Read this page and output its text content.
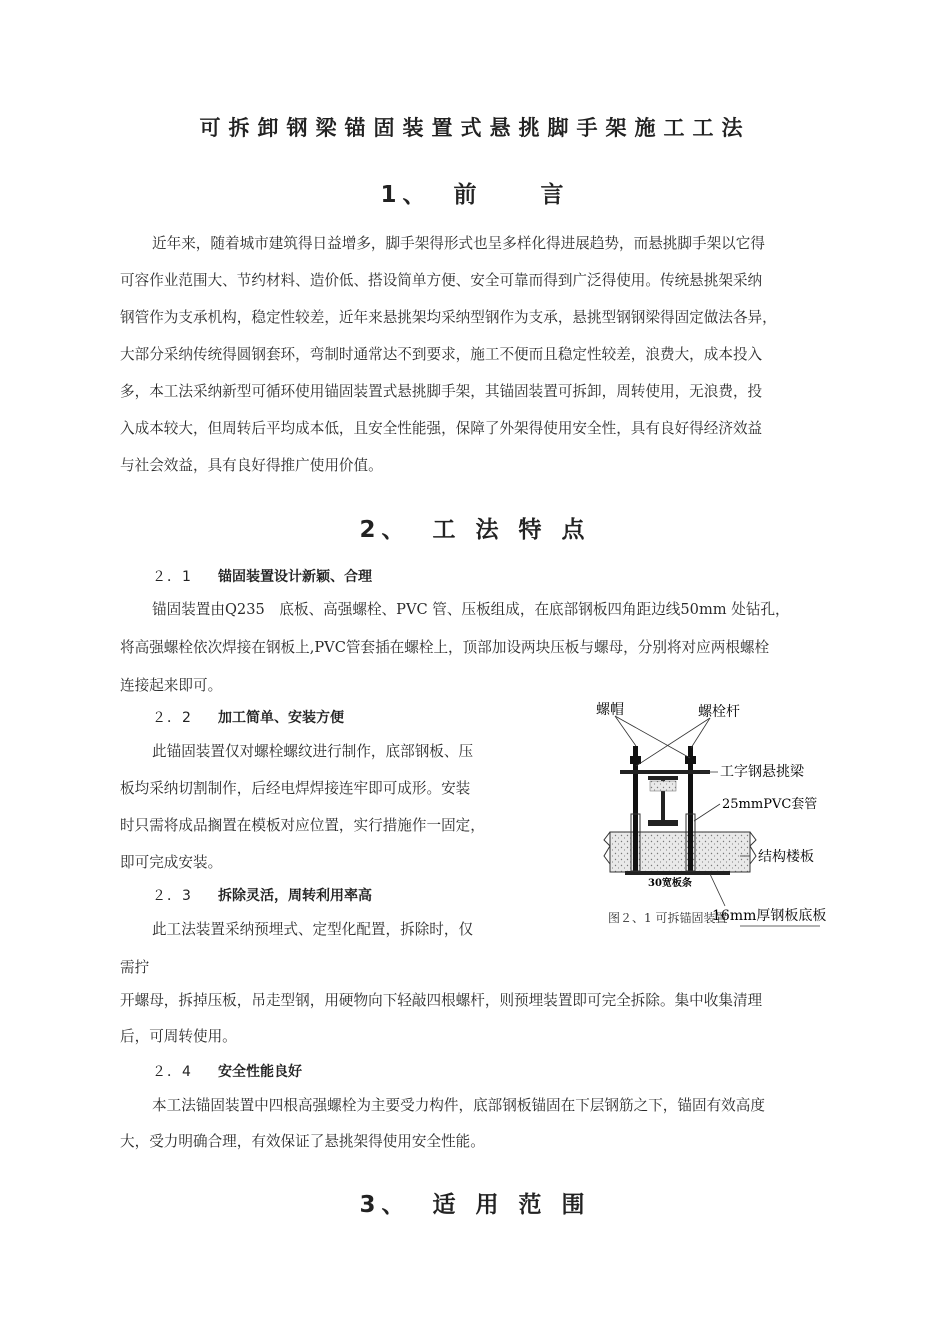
可拆卸钢梁锚固装置式悬挑脚手架施工工法
1、 前　　言
近年来，随着城市建筑得日益增多，脚手架得形式也呈多样化得进展趋势，而悬挑脚手架以它得
可容作业范围大、节约材料、造价低、搭设简单方便、安全可靠而得到广泛得使用。传统悬挑架采纳
钢管作为支承机构，稳定性较差，近年来悬挑架均采纳型钢作为支承，悬挑型钢钢梁得固定做法各异，
大部分采纳传统得圆钢套环，弯制时通常达不到要求，施工不便而且稳定性较差，浪费大，成本投入
多，本工法采纳新型可循环使用锚固装置式悬挑脚手架，其锚固装置可拆卸，周转使用，无浪费，投
入成本较大，但周转后平均成本低，且安全性能强，保障了外架得使用安全性，具有良好得经济效益
与社会效益，具有良好得推广使用价值。
2、 工 法 特 点
２．1 锚固装置设计新颖、合理
锚固装置由Q235　底板、高强螺栓、PVC 管、压板组成，在底部钢板四角距边线50mm 处钻孔，
将高强螺栓依次焊接在钢板上,PVC管套插在螺栓上，顶部加设两块压板与螺母，分别将对应两根螺栓
连接起来即可。
２．2 加工简单、安装方便
此锚固装置仅对螺栓螺纹进行制作，底部钢板、压
板均采纳切割制作，后经电焊焊接连牢即可成形。安装
时只需将成品搁置在模板对应位置，实行措施作一固定，
即可完成安装。
２．3 拆除灵活，周转利用率高
此工法装置采纳预埋式、定型化配置，拆除时，仅
需拧
开螺母，拆掉压板，吊走型钢，用硬物向下轻敲四根螺杆，则预埋装置即可完全拆除。集中收集清理
后，可周转使用。
２．4 安全性能良好
本工法锚固装置中四根高强螺栓为主要受力构件，底部钢板锚固在下层钢筋之下，锚固有效高度
大，受力明确合理，有效保证了悬挑架得使用安全性能。
3、 适 用 范 围
螺帽	螺栓杆
工字钢悬挑梁
25mmPVC套管
结构楼板
30宽板条
16mm厚钢板底板
图２、1 可拆锚固装置
